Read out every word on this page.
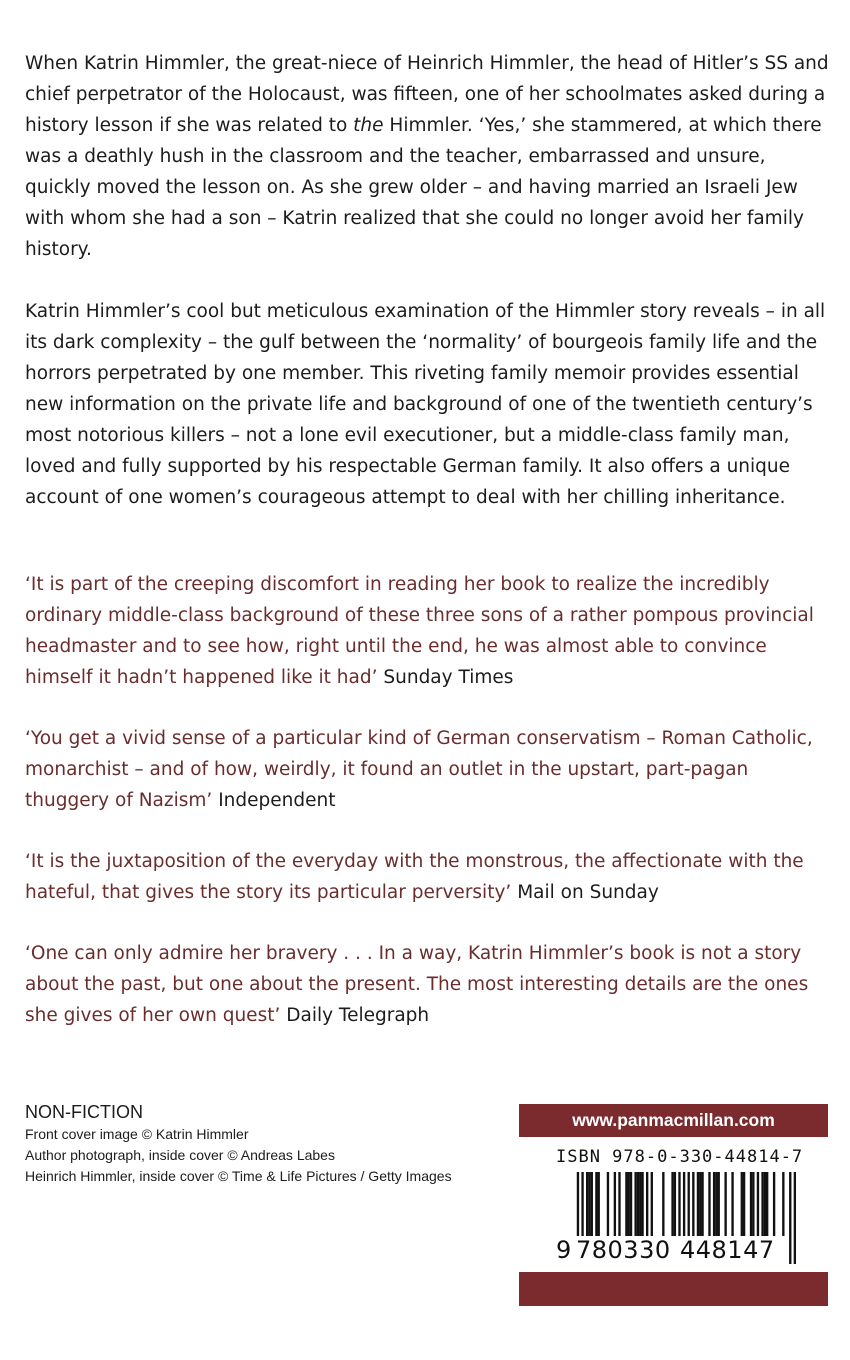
When Katrin Himmler, the great-niece of Heinrich Himmler, the head of Hitler’s SS and chief perpetrator of the Holocaust, was fifteen, one of her schoolmates asked during a history lesson if she was related to the Himmler. ‘Yes,’ she stammered, at which there was a deathly hush in the classroom and the teacher, embarrassed and unsure, quickly moved the lesson on. As she grew older – and having married an Israeli Jew with whom she had a son – Katrin realized that she could no longer avoid her family history.

Katrin Himmler’s cool but meticulous examination of the Himmler story reveals – in all its dark complexity – the gulf between the ‘normality’ of bourgeois family life and the horrors perpetrated by one member. This riveting family memoir provides essential new information on the private life and background of one of the twentieth century’s most notorious killers – not a lone evil executioner, but a middle-class family man, loved and fully supported by his respectable German family. It also offers a unique account of one women’s courageous attempt to deal with her chilling inheritance.

‘It is part of the creeping discomfort in reading her book to realize the incredibly ordinary middle-class background of these three sons of a rather pompous provincial headmaster and to see how, right until the end, he was almost able to convince himself it hadn’t happened like it had’ Sunday Times

‘You get a vivid sense of a particular kind of German conservatism – Roman Catholic, monarchist – and of how, weirdly, it found an outlet in the upstart, part-pagan thuggery of Nazism’ Independent

‘It is the juxtaposition of the everyday with the monstrous, the affectionate with the hateful, that gives the story its particular perversity’ Mail on Sunday

‘One can only admire her bravery . . . In a way, Katrin Himmler’s book is not a story about the past, but one about the present. The most interesting details are the ones she gives of her own quest’ Daily Telegraph

NON-FICTION
Front cover image © Katrin Himmler
Author photograph, inside cover © Andreas Labes
Heinrich Himmler, inside cover © Time & Life Pictures / Getty Images
www.panmacmillan.com
ISBN 978-0-330-44814-7
9 780330 448147
